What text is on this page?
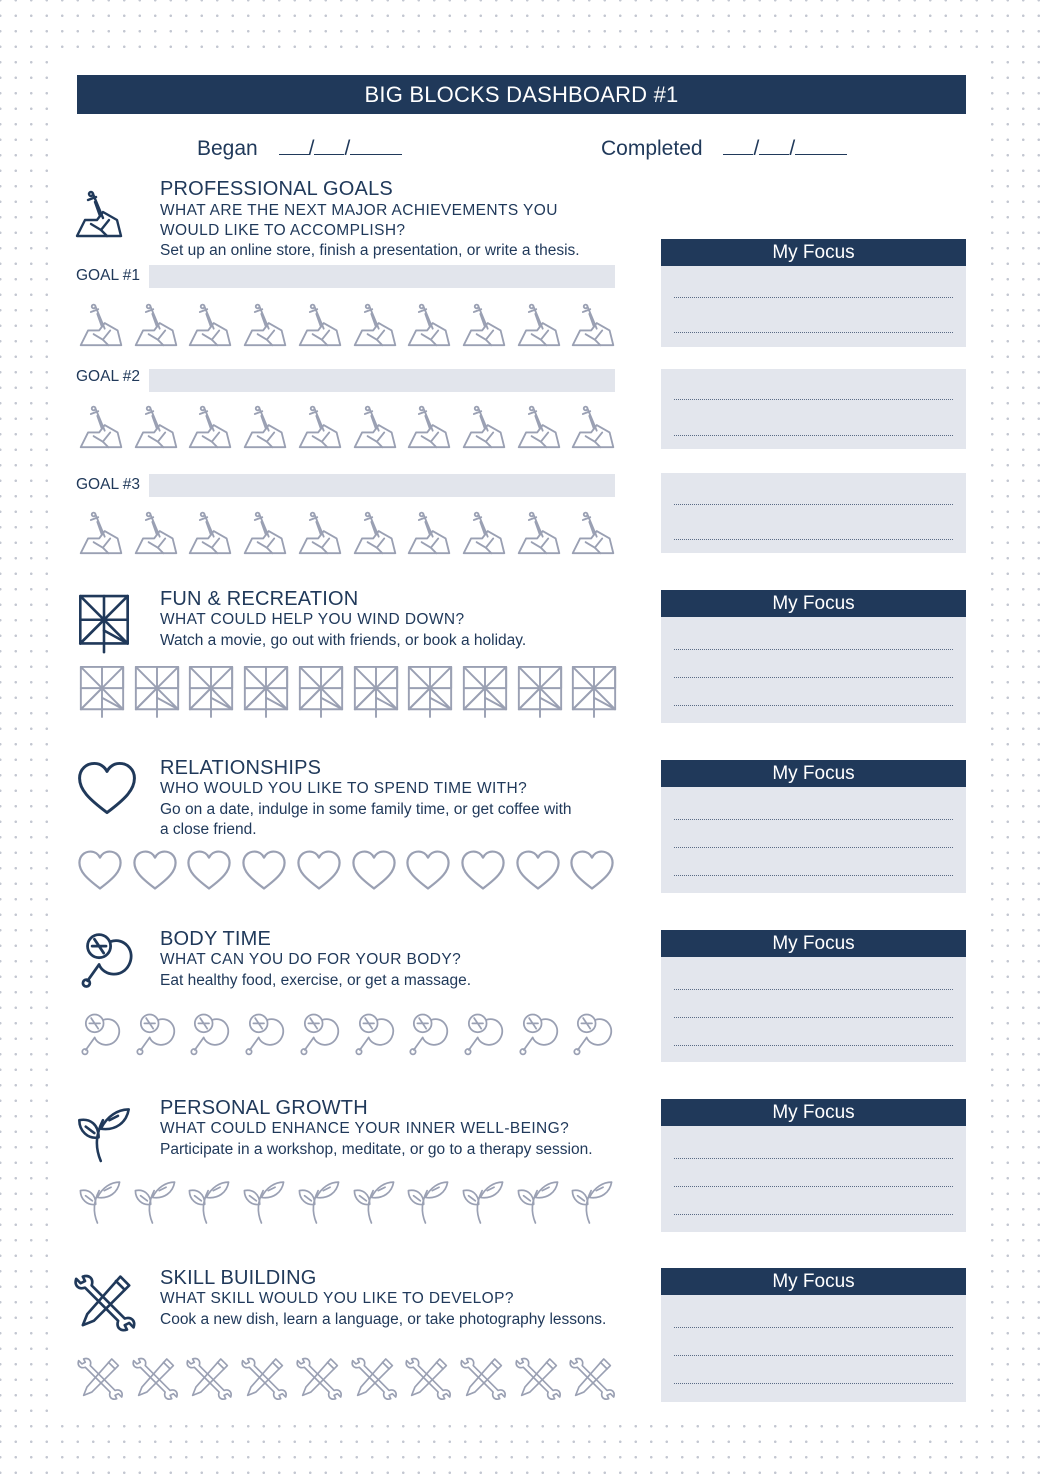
BIG BLOCKS DASHBOARD #1
Began / /	Completed / /
PROFESSIONAL GOALS
WHAT ARE THE NEXT MAJOR ACHIEVEMENTS YOU
WOULD LIKE TO ACCOMPLISH?
Set up an online store, finish a presentation, or write a thesis.
GOAL #1
GOAL #2
GOAL #3
My Focus
FUN & RECREATION
WHAT COULD HELP YOU WIND DOWN?
Watch a movie, go out with friends, or book a holiday.
My Focus
RELATIONSHIPS
WHO WOULD YOU LIKE TO SPEND TIME WITH?
Go on a date, indulge in some family time, or get coffee with
a close friend.
My Focus
BODY TIME
WHAT CAN YOU DO FOR YOUR BODY?
Eat healthy food, exercise, or get a massage.
My Focus
PERSONAL GROWTH
WHAT COULD ENHANCE YOUR INNER WELL-BEING?
Participate in a workshop, meditate, or go to a therapy session.
My Focus
SKILL BUILDING
WHAT SKILL WOULD YOU LIKE TO DEVELOP?
Cook a new dish, learn a language, or take photography lessons.
My Focus
